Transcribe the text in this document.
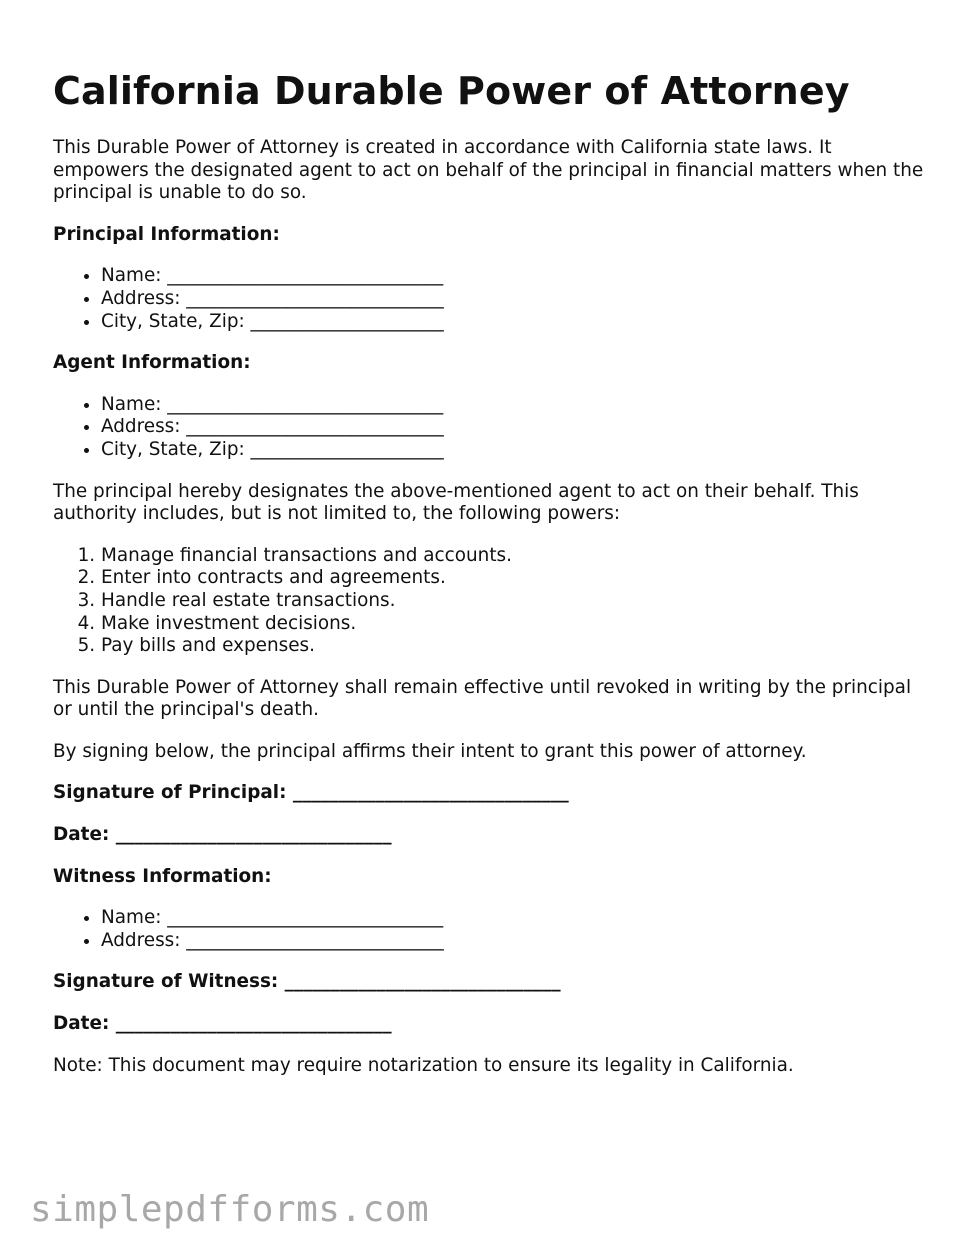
California Durable Power of Attorney

This Durable Power of Attorney is created in accordance with California state laws. It empowers the designated agent to act on behalf of the principal in financial matters when the principal is unable to do so.

Principal Information:

• Name: ______________________________
• Address: ____________________________
• City, State, Zip: _____________________

Agent Information:

• Name: ______________________________
• Address: ____________________________
• City, State, Zip: _____________________

The principal hereby designates the above-mentioned agent to act on their behalf. This authority includes, but is not limited to, the following powers:

1. Manage financial transactions and accounts.
2. Enter into contracts and agreements.
3. Handle real estate transactions.
4. Make investment decisions.
5. Pay bills and expenses.

This Durable Power of Attorney shall remain effective until revoked in writing by the principal or until the principal's death.

By signing below, the principal affirms their intent to grant this power of attorney.

Signature of Principal: ______________________________

Date: ______________________________

Witness Information:

• Name: ______________________________
• Address: ____________________________

Signature of Witness: ______________________________

Date: ______________________________

Note: This document may require notarization to ensure its legality in California.

simplepdfforms.com
